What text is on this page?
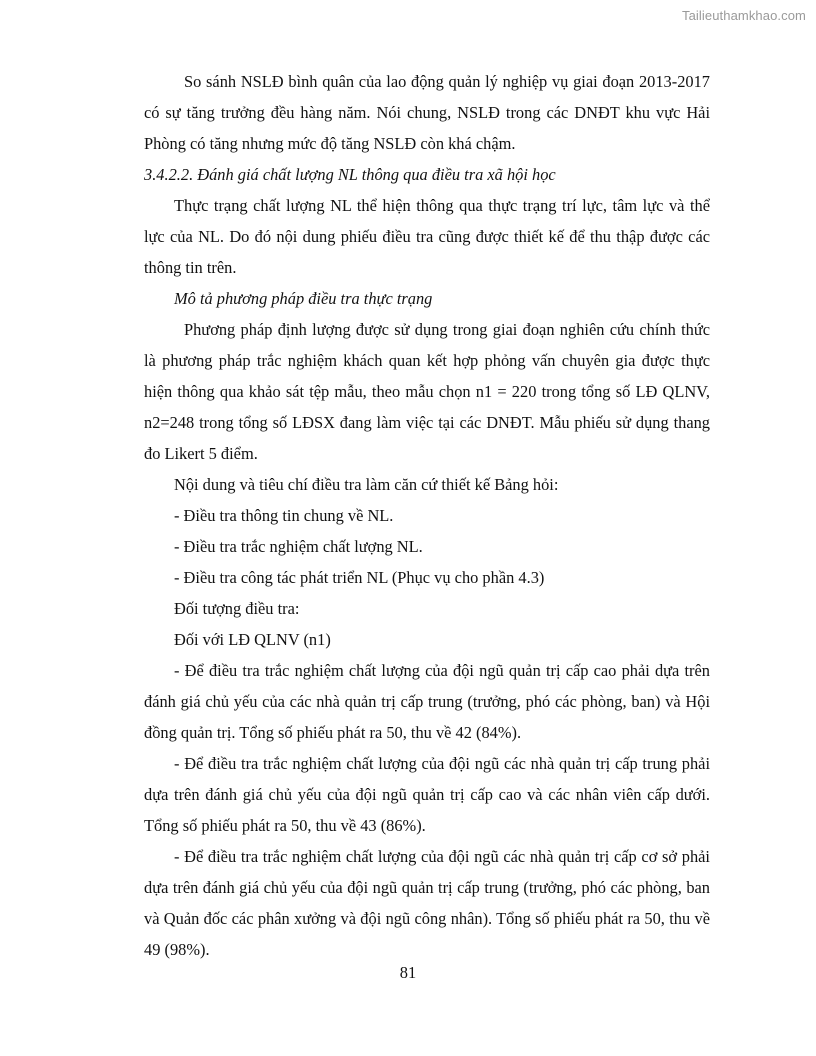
Tailieuthamkhao.com

So sánh NSLĐ bình quân của lao động quản lý nghiệp vụ giai đoạn 2013-2017 có sự tăng trưởng đều hàng năm. Nói chung, NSLĐ trong các DNĐT khu vực Hải Phòng có tăng nhưng mức độ tăng NSLĐ còn khá chậm.

3.4.2.2. Đánh giá chất lượng NL thông qua điều tra xã hội học

Thực trạng chất lượng NL thể hiện thông qua thực trạng trí lực, tâm lực và thể lực của NL. Do đó nội dung phiếu điều tra cũng được thiết kế để thu thập được các thông tin trên.

Mô tả phương pháp điều tra thực trạng

Phương pháp định lượng được sử dụng trong giai đoạn nghiên cứu chính thức là phương pháp trắc nghiệm khách quan kết hợp phỏng vấn chuyên gia được thực hiện thông qua khảo sát tệp mẫu, theo mẫu chọn n1 = 220 trong tổng số LĐ QLNV, n2=248 trong tổng số LĐSX đang làm việc tại các DNĐT. Mẫu phiếu sử dụng thang đo Likert 5 điểm.

Nội dung và tiêu chí điều tra làm căn cứ thiết kế Bảng hỏi:

- Điều tra thông tin chung về NL.

- Điều tra trắc nghiệm chất lượng NL.

- Điều tra công tác phát triển NL (Phục vụ cho phần 4.3)

Đối tượng điều tra:

Đối với LĐ QLNV (n1)

- Để điều tra trắc nghiệm chất lượng của đội ngũ quản trị cấp cao phải dựa trên đánh giá chủ yếu của các nhà quản trị cấp trung (trưởng, phó các phòng, ban) và Hội đồng quản trị. Tổng số phiếu phát ra 50, thu về 42 (84%).

- Để điều tra trắc nghiệm chất lượng của đội ngũ các nhà quản trị cấp trung phải dựa trên đánh giá chủ yếu của đội ngũ quản trị cấp cao và các nhân viên cấp dưới. Tổng số phiếu phát ra 50, thu về 43 (86%).

- Để điều tra trắc nghiệm chất lượng của đội ngũ các nhà quản trị cấp cơ sở phải dựa trên đánh giá chủ yếu của đội ngũ quản trị cấp trung (trưởng, phó các phòng, ban và Quản đốc các phân xưởng và đội ngũ công nhân). Tổng số phiếu phát ra 50, thu về 49 (98%).

81
